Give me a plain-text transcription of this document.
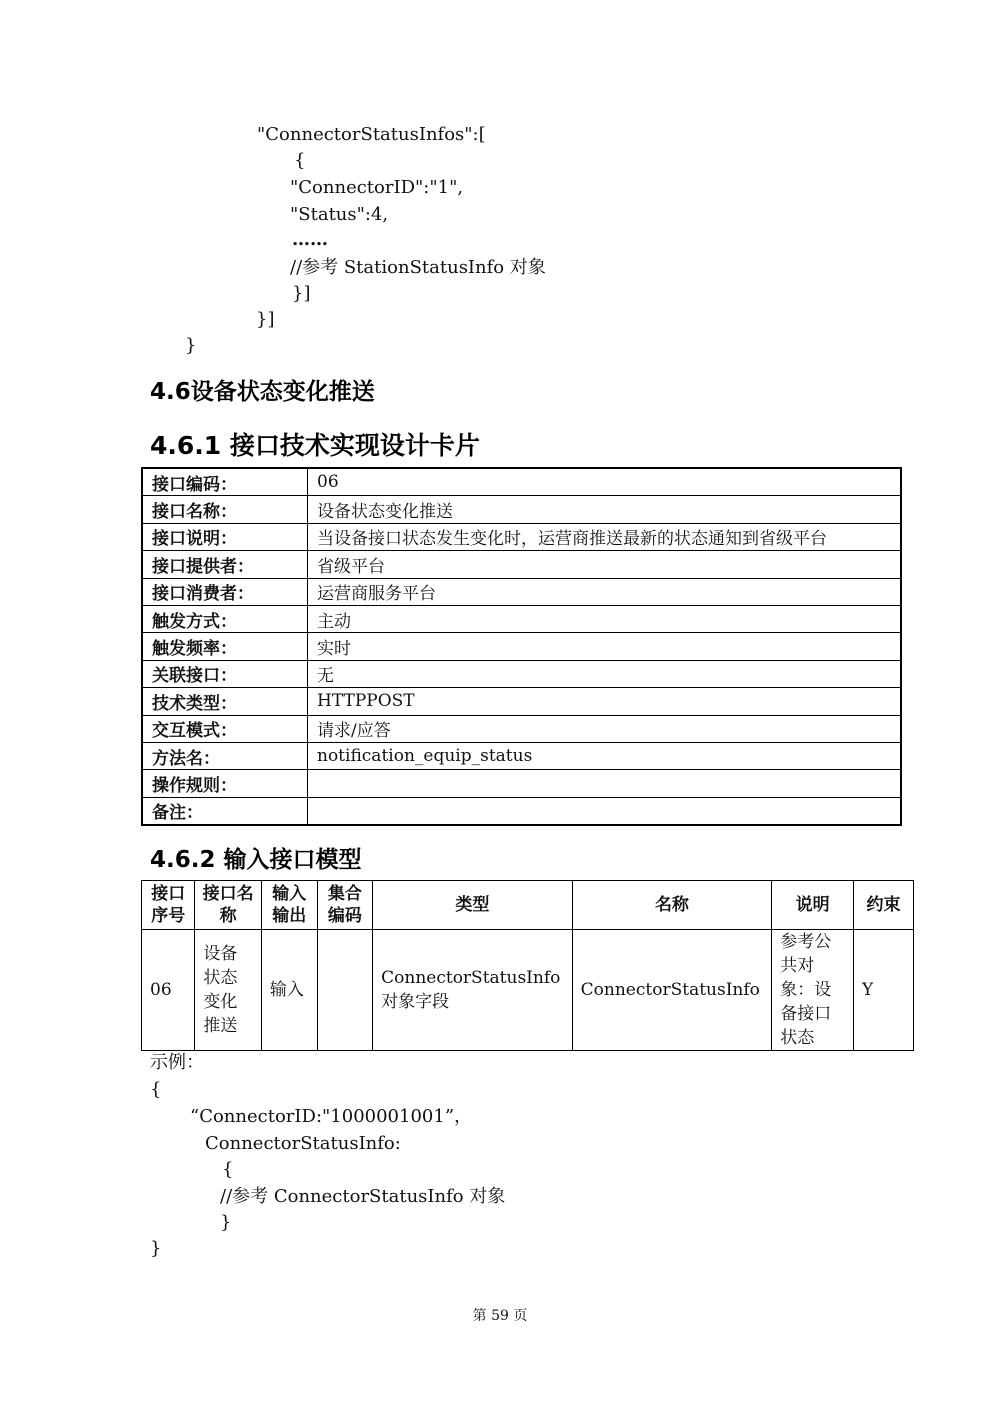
"ConnectorStatusInfos":[
{
"ConnectorID":"1",
"Status":4,
……
//参考 StationStatusInfo 对象
}]
}]
}
4.6设备状态变化推送
4.6.1 接口技术实现设计卡片
接口编码：	06
接口名称：	设备状态变化推送
接口说明：	当设备接口状态发生变化时，运营商推送最新的状态通知到省级平台
接口提供者：	省级平台
接口消费者：	运营商服务平台
触发方式：	主动
触发频率：	实时
关联接口：	无
技术类型：	HTTPPOST
交互模式：	请求/应答
方法名：	notification_equip_status
操作规则：	
备注：	
4.6.2 输入接口模型
接口序号	接口名称	输入输出	集合编码	类型	名称	说明	约束
06	设备状态变化推送	输入		ConnectorStatusInfo对象字段	ConnectorStatusInfo	参考公共对象：设备接口状态	Y
示例：
{
“ConnectorID:"1000001001”，
ConnectorStatusInfo:
{
//参考 ConnectorStatusInfo 对象
}
}
第 59 页
